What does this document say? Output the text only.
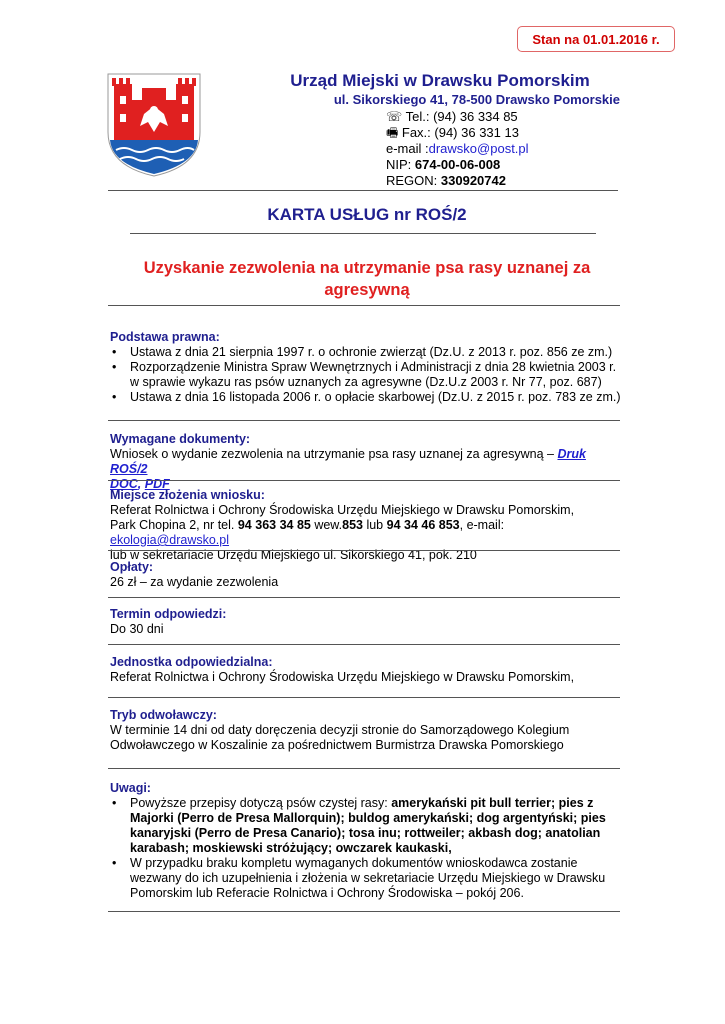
Stan na 01.01.2016 r.
Urząd Miejski w Drawsku Pomorskim
ul. Sikorskiego 41, 78-500 Drawsko Pomorskie
☏ Tel.: (94) 36 334 85
🖷 Fax.: (94) 36 331 13
e-mail :drawsko@post.pl
NIP: 674-00-06-008
REGON: 330920742
KARTA USŁUG nr ROŚ/2
Uzyskanie zezwolenia na utrzymanie psa rasy uznanej za agresywną
Podstawa prawna:
• Ustawa z dnia 21 sierpnia 1997 r. o ochronie zwierząt (Dz.U. z 2013 r. poz. 856 ze zm.)
• Rozporządzenie Ministra Spraw Wewnętrznych i Administracji z dnia 28 kwietnia 2003 r. w sprawie wykazu ras psów uznanych za agresywne (Dz.U.z 2003 r. Nr 77, poz. 687)
• Ustawa z dnia 16 listopada 2006 r. o opłacie skarbowej (Dz.U. z 2015 r. poz. 783 ze zm.)
Wymagane dokumenty:
Wniosek o wydanie zezwolenia na utrzymanie psa rasy uznanej za agresywną – Druk ROŚ/2
DOC, PDF
Miejsce złożenia wniosku:
Referat Rolnictwa i Ochrony Środowiska Urzędu Miejskiego w Drawsku Pomorskim,
Park Chopina 2, nr tel. 94 363 34 85 wew.853 lub 94 34 46 853, e-mail: ekologia@drawsko.pl
lub w sekretariacie Urzędu Miejskiego ul. Sikorskiego 41, pok. 210
Opłaty:
26 zł – za wydanie zezwolenia
Termin odpowiedzi:
Do 30 dni
Jednostka odpowiedzialna:
Referat Rolnictwa i Ochrony Środowiska Urzędu Miejskiego w Drawsku Pomorskim,
Tryb odwoławczy:
W terminie 14 dni od daty doręczenia decyzji stronie do Samorządowego Kolegium Odwoławczego w Koszalinie za pośrednictwem Burmistrza Drawska Pomorskiego
Uwagi:
• Powyższe przepisy dotyczą psów czystej rasy: amerykański pit bull terrier; pies z Majorki (Perro de Presa Mallorquin); buldog amerykański; dog argentyński; pies kanaryjski (Perro de Presa Canario); tosa inu; rottweiler; akbash dog; anatolian karabash; moskiewski stróżujący; owczarek kaukaski,
• W przypadku braku kompletu wymaganych dokumentów wnioskodawca zostanie wezwany do ich uzupełnienia i złożenia w sekretariacie Urzędu Miejskiego w Drawsku Pomorskim lub Referacie Rolnictwa i Ochrony Środowiska – pokój 206.
